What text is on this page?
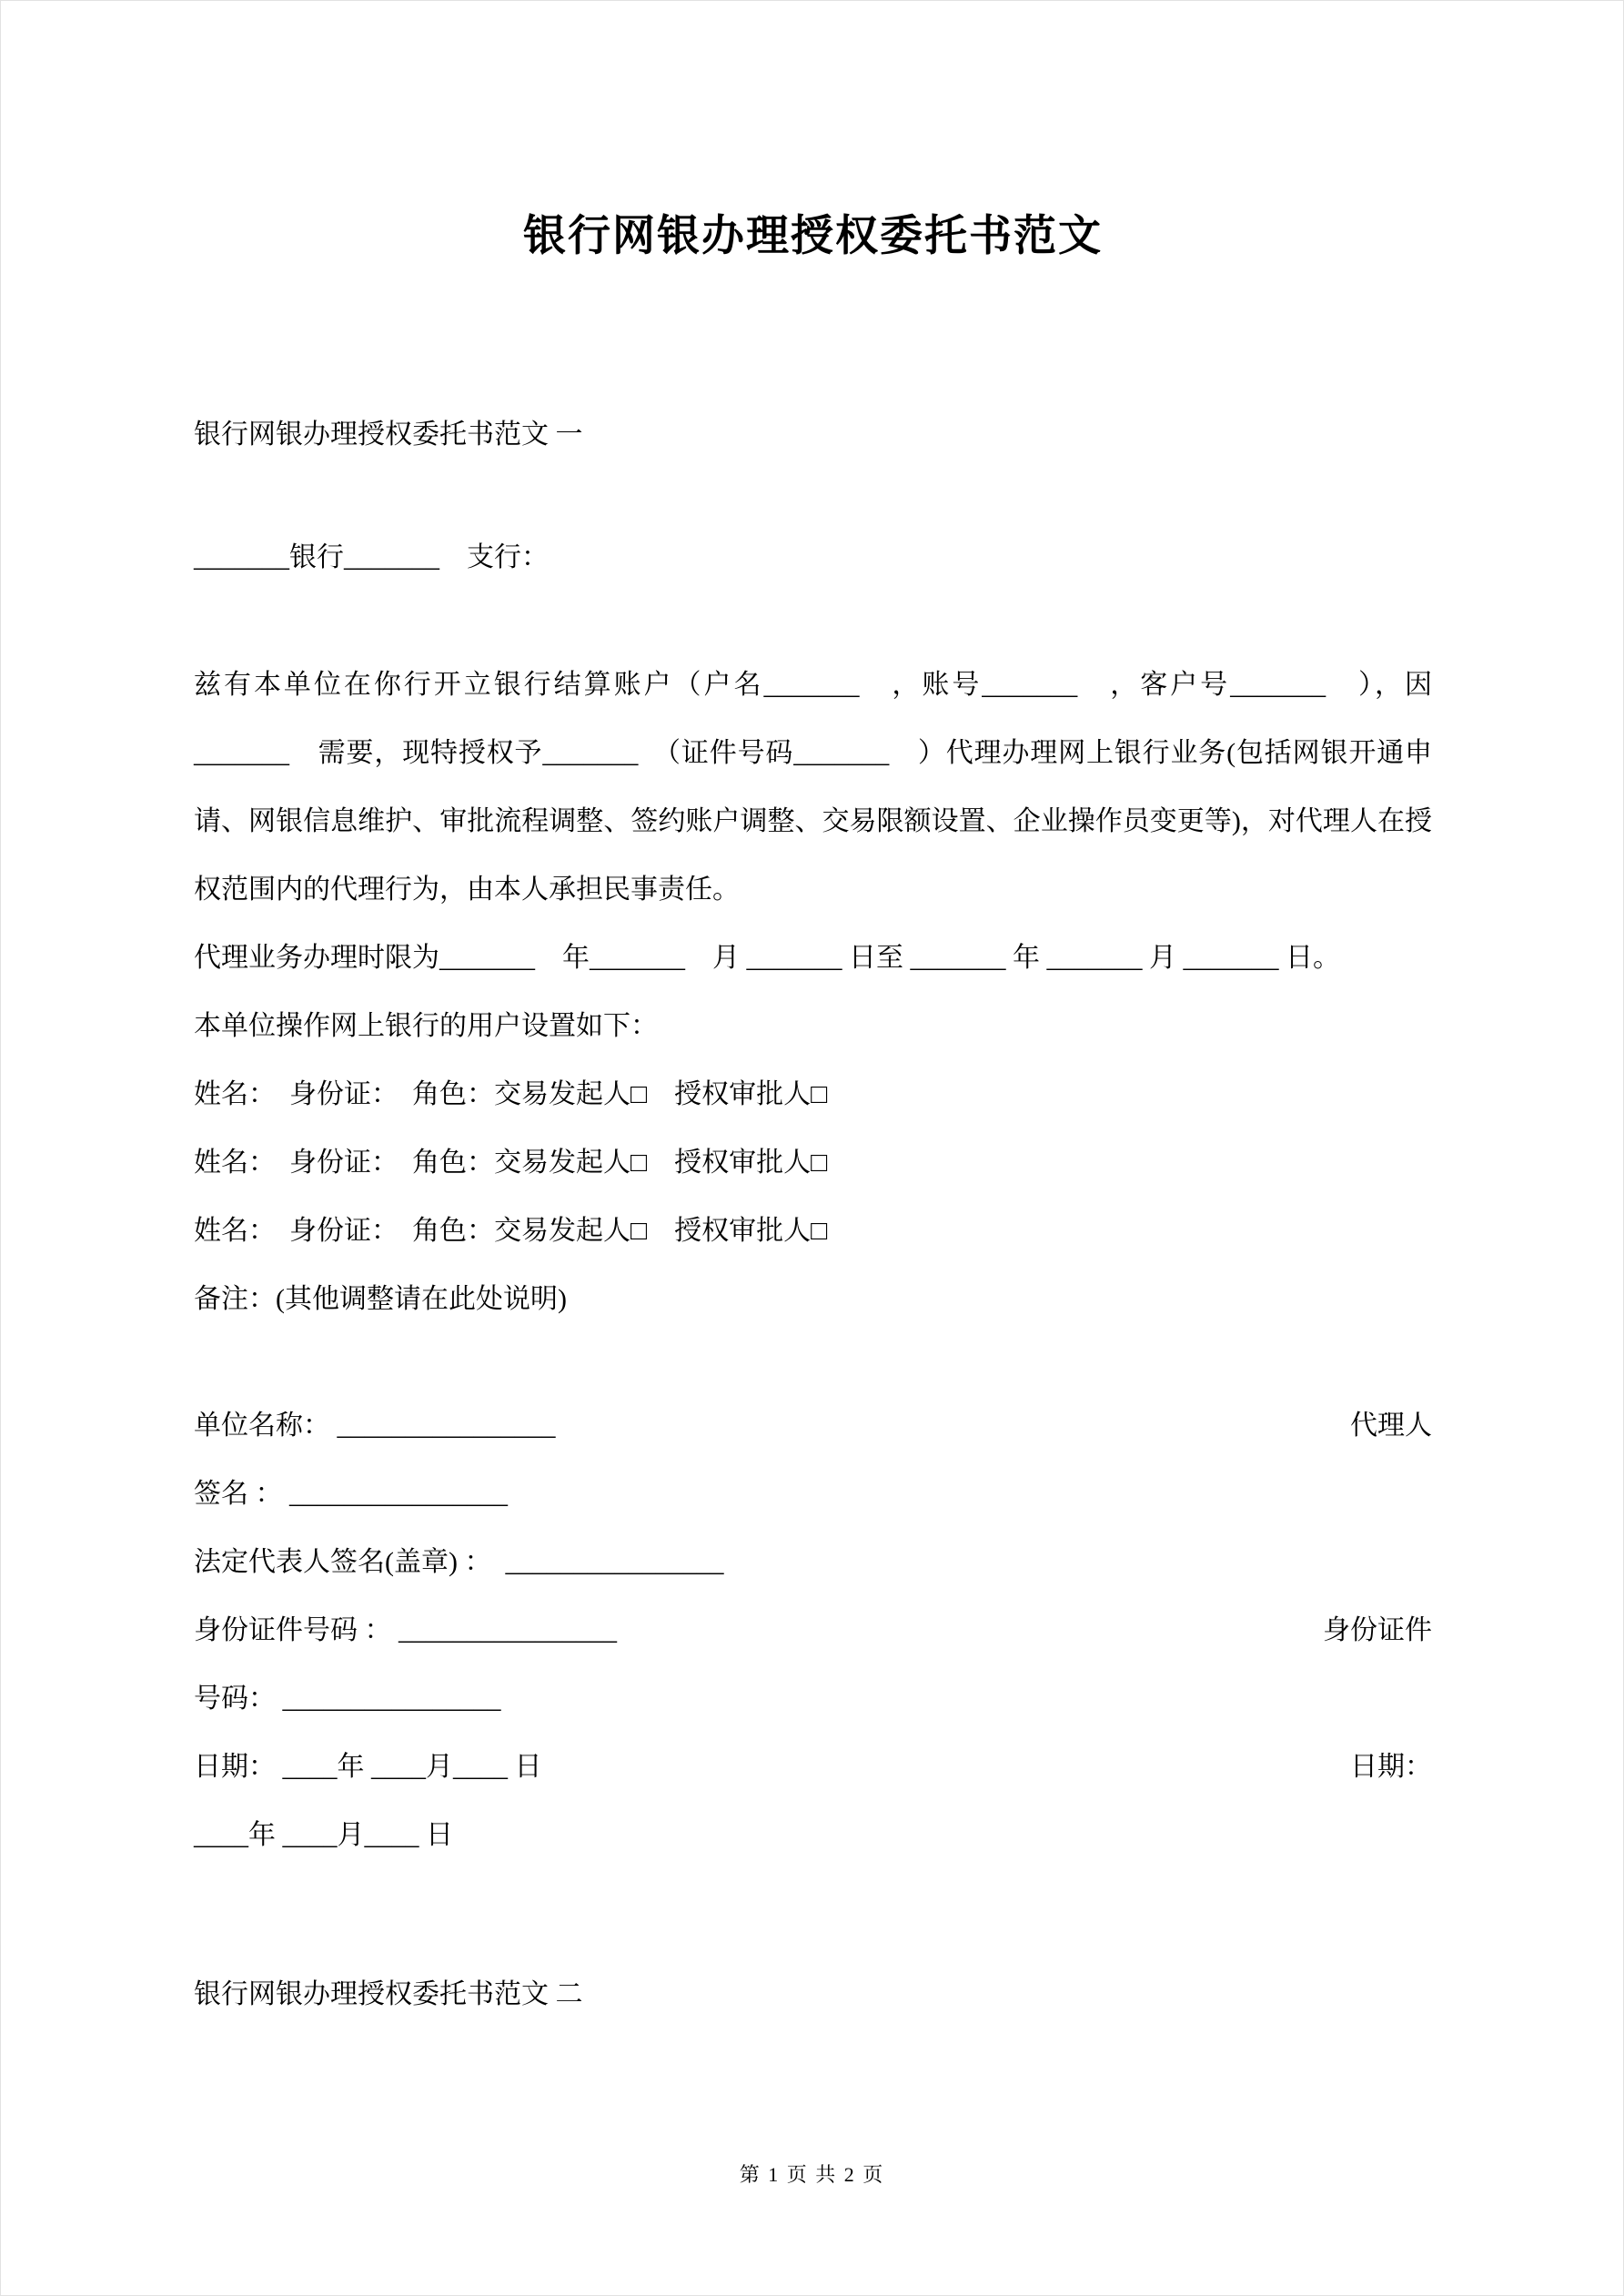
银行网银办理授权委托书范文

银行网银办理授权委托书范文 一

_______银行_______　支行：

兹有本单位在你行开立银行结算账户（户名_______　，账号_______　，客户号_______　），因_______　需要，现特授权予_______　（证件号码_______　）代理办理网上银行业务(包括网银开通申请、网银信息维护、审批流程调整、签约账户调整、交易限额设置、企业操作员变更等)，对代理人在授权范围内的代理行为，由本人承担民事责任。

代理业务办理时限为_______　年_______　月 _______ 日至 _______ 年 _______ 月 _______ 日。

本单位操作网上银行的用户设置如下：

姓名：　身份证：　角色：交易发起人□　授权审批人□

姓名：　身份证：　角色：交易发起人□　授权审批人□

姓名：　身份证：　角色：交易发起人□　授权审批人□

备注：(其他调整请在此处说明)

单位名称： ________________	代理人
签名 ： ________________
法定代表人签名(盖章) ：  ________________
身份证件号码 ： ________________	身份证件
号码： ________________
日期： ____年 ____月____ 日	日期：
____年 ____月____ 日

银行网银办理授权委托书范文 二

第 1 页 共 2 页
